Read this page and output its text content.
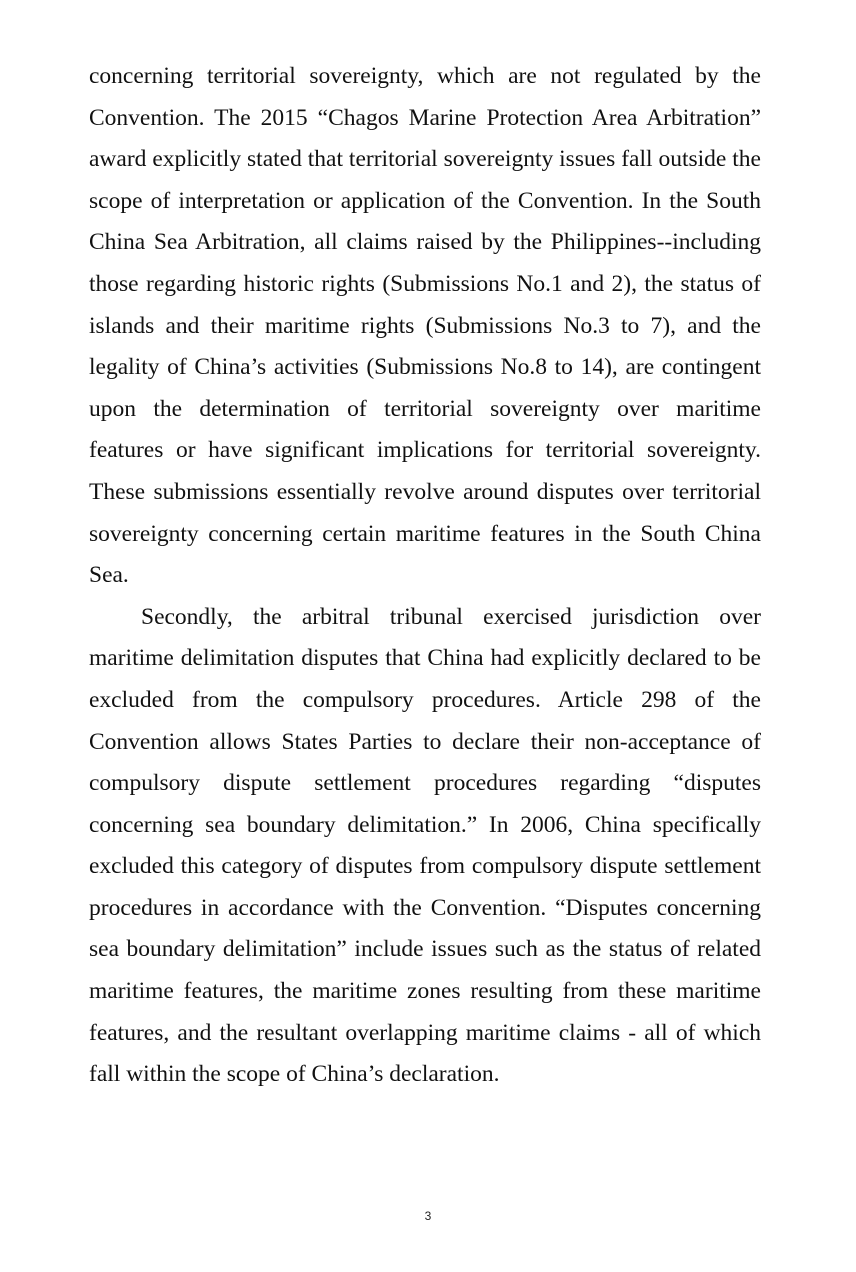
concerning territorial sovereignty, which are not regulated by the Convention. The 2015 “Chagos Marine Protection Area Arbitration” award explicitly stated that territorial sovereignty issues fall outside the scope of interpretation or application of the Convention. In the South China Sea Arbitration, all claims raised by the Philippines--including those regarding historic rights (Submissions No.1 and 2), the status of islands and their maritime rights (Submissions No.3 to 7), and the legality of China’s activities (Submissions No.8 to 14), are contingent upon the determination of territorial sovereignty over maritime features or have significant implications for territorial sovereignty. These submissions essentially revolve around disputes over territorial sovereignty concerning certain maritime features in the South China Sea.

Secondly, the arbitral tribunal exercised jurisdiction over maritime delimitation disputes that China had explicitly declared to be excluded from the compulsory procedures. Article 298 of the Convention allows States Parties to declare their non-acceptance of compulsory dispute settlement procedures regarding “disputes concerning sea boundary delimitation.” In 2006, China specifically excluded this category of disputes from compulsory dispute settlement procedures in accordance with the Convention. “Disputes concerning sea boundary delimitation” include issues such as the status of related maritime features, the maritime zones resulting from these maritime features, and the resultant overlapping maritime claims - all of which fall within the scope of China’s declaration.

3
